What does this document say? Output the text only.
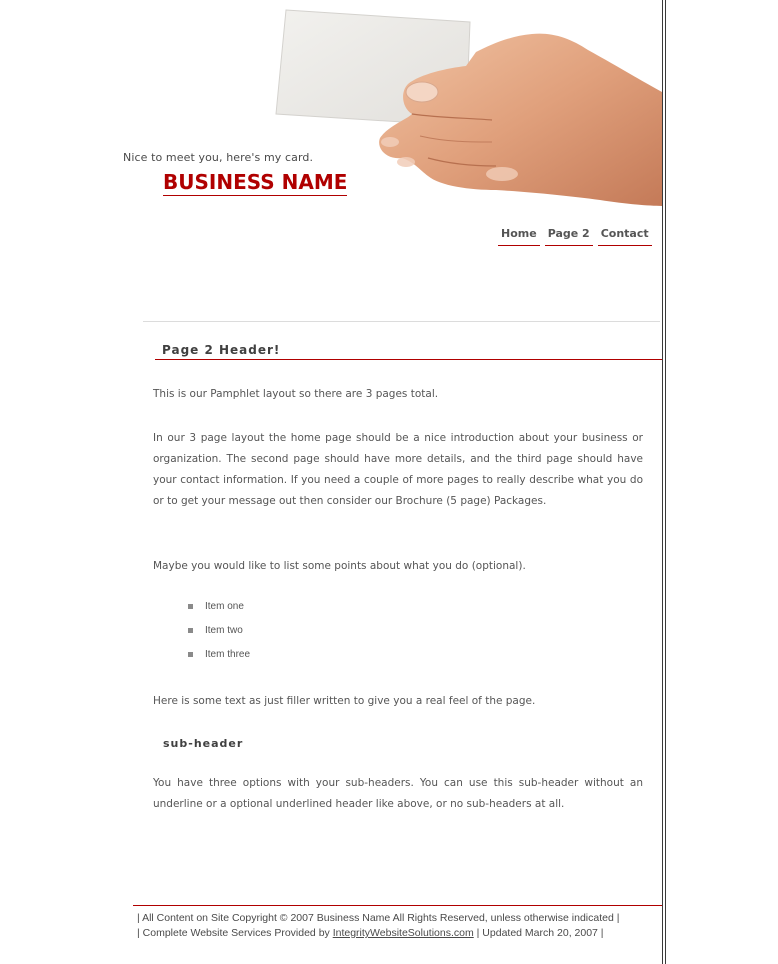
Nice to meet you, here's my card.
BUSINESS NAME
Home Page 2 Contact
Page 2 Header!

This is our Pamphlet layout so there are 3 pages total.

In our 3 page layout the home page should be a nice introduction about your business or organization. The second page should have more details, and the third page should have your contact information. If you need a couple of more pages to really describe what you do or to get your message out then consider our Brochure (5 page) Packages.

Maybe you would like to list some points about what you do (optional).

Item one
Item two
Item three

Here is some text as just filler written to give you a real feel of the page.

sub-header

You have three options with your sub-headers. You can use this sub-header without an underline or a optional underlined header like above, or no sub-headers at all.

| All Content on Site Copyright © 2007 Business Name All Rights Reserved, unless otherwise indicated |
| Complete Website Services Provided by IntegrityWebsiteSolutions.com | Updated March 20, 2007 |
